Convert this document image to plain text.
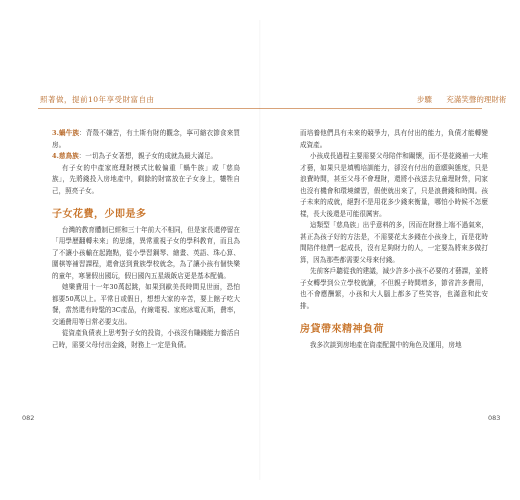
照著做，提前10年享受財富自由

3.蝸牛族：背殼不嫌苦，有土斯有財的觀念，寧可縮衣節食來買房。

4.慈鳥族：一切為子女著想，親子女的成就為最大滿足。

有子女的中產家庭理財模式比較偏重「蝸牛族」或「慈鳥族」，先將錢投入房地產中，剩餘的財富放在子女身上，犧牲自己，照亮子女。

子女花費，少即是多

台灣的教育體制已經和三十年前大不相同，但是家長還停留在「用學歷翻轉未來」的思維，異常重視子女的學科教育，而且為了不讓小孩輸在起跑點，從小學習鋼琴、繪畫、英語、珠心算、圍棋等補習課程，還會送到貴族學校就念，為了讓小孩有個快樂的童年，寒暑假出國玩，假日國內五星級飯店更是基本配備。

她樂費用十一年30萬起跳，如果到歐美長時間見世面，恐怕都要50萬以上。平常日或假日，想想大家的辛苦，要上館子吃大餐，當然還有時髦的3C產品，有線電視、家庭冰電瓦斯，費率，交通費用等日常必要支出。

從資產負債表上思考對子女的投資，小孩沒有賺錢能力養活自己時，需要父母付出金錢，財務上一定是負債。

082
步驟 充滿笑聲的理財術

而培養他們具有未來的競爭力，具有付出的能力，負債才能轉變成資產。

小孩成長過程主要需要父母陪伴和關懷，而不是花錢補一大堆才藝，如果只是填鴨培訓能力，卻沒有付出的意願與態度，只是浪費時間，甚至父母不會理財，還將小孩送去兒童理財營，同家也沒有機會和環境練習，假使就出來了，只是浪費錢和時間。孩子未來的成就，絕對不是用花多少錢來衡量，哪怕小時候不怎麼樣，長大後還是可能很厲害。

這類型「慈鳥族」出乎意料的多，因而在財務上端不過氣來，甚正為孩子好的方法是，不需要花太多錢在小孩身上，而是花時間陪伴他們一起成長，沒有足夠財力的人，一定要為將來多做打算，因為那些都需要父母來付錢。

先前客戶聽從我的建議，減少許多小孩不必要的才藝課，並將子女轉學到公立學校就讀，不但親子時間增多，節省許多費用，也不會應酬繁，小孩和大人腦上都多了些笑容，也滿意和此安排。

房貸帶來精神負荷

我多次談到房地產在資產配置中的角色及運用，房地

083
